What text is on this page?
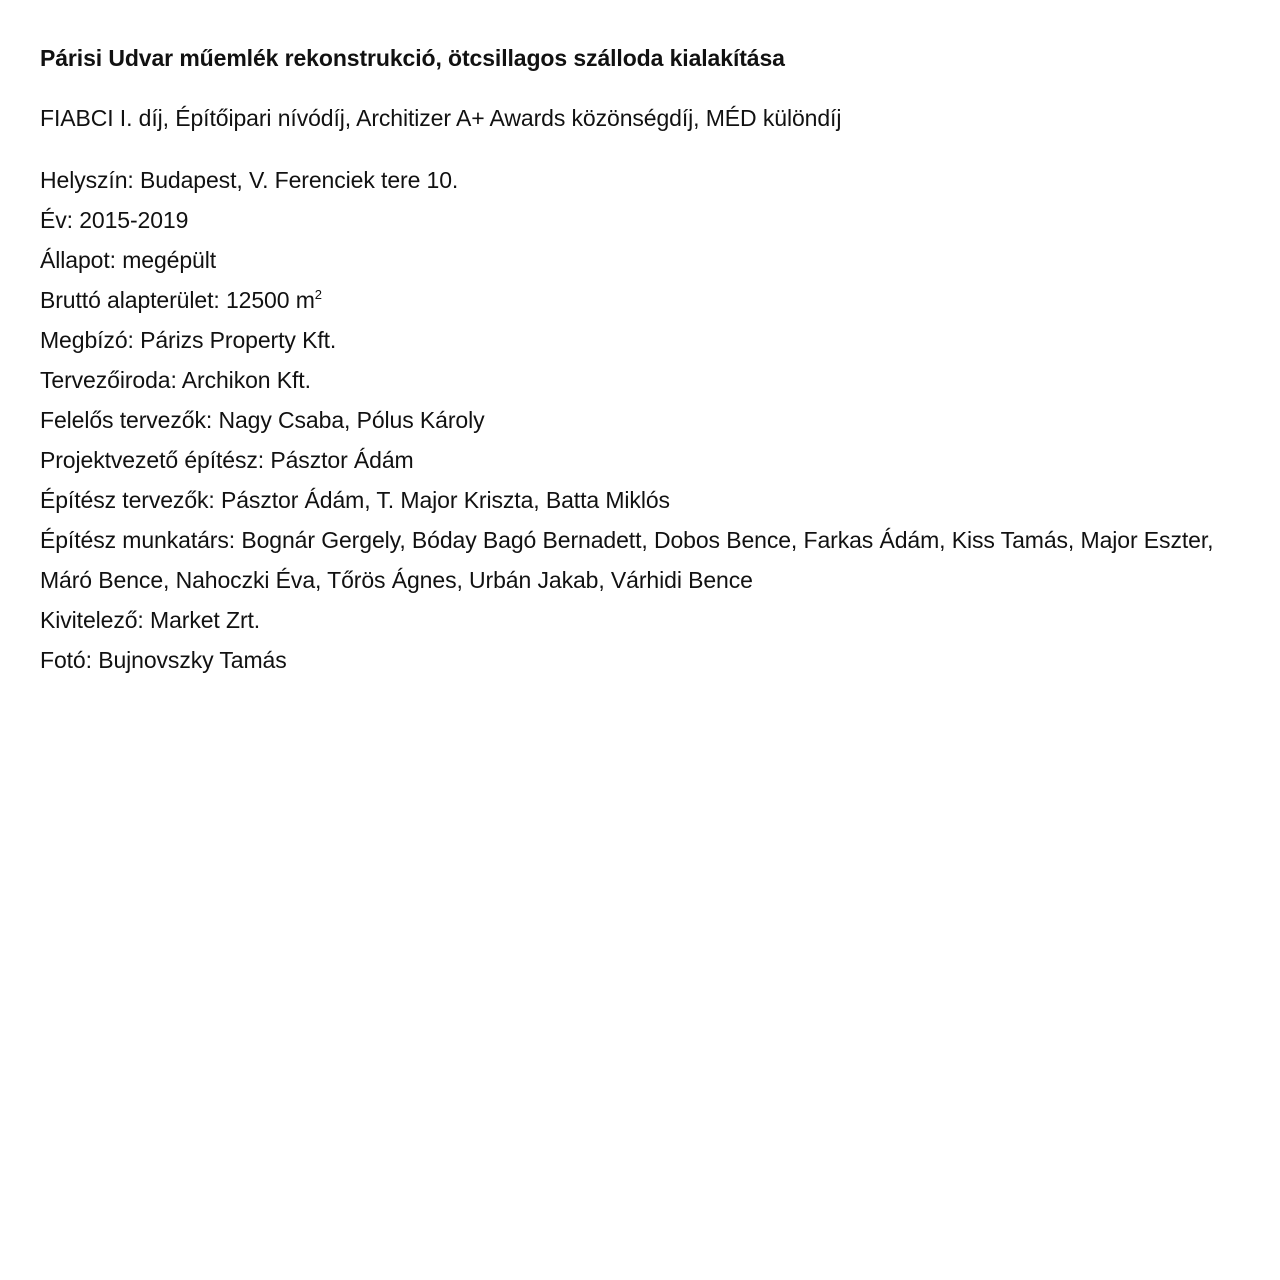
Párisi Udvar műemlék rekonstrukció, ötcsillagos szálloda kialakítása

FIABCI I. díj, Építőipari nívódíj, Architizer A+ Awards közönségdíj, MÉD különdíj

Helyszín: Budapest, V. Ferenciek tere 10.
Év: 2015-2019
Állapot: megépült
Bruttó alapterület: 12500 $m^2$
Megbízó: Párizs Property Kft.
Tervezőiroda: Archikon Kft.
Felelős tervezők: Nagy Csaba, Pólus Károly
Projektvezető építész: Pásztor Ádám
Építész tervezők: Pásztor Ádám, T. Major Kriszta, Batta Miklós
Építész munkatárs: Bognár Gergely, Bóday Bagó Bernadett, Dobos Bence, Farkas Ádám, Kiss Tamás, Major Eszter, Máró Bence, Nahoczki Éva, Tőrös Ágnes, Urbán Jakab, Várhidi Bence
Kivitelező: Market Zrt.
Fotó: Bujnovszky Tamás
